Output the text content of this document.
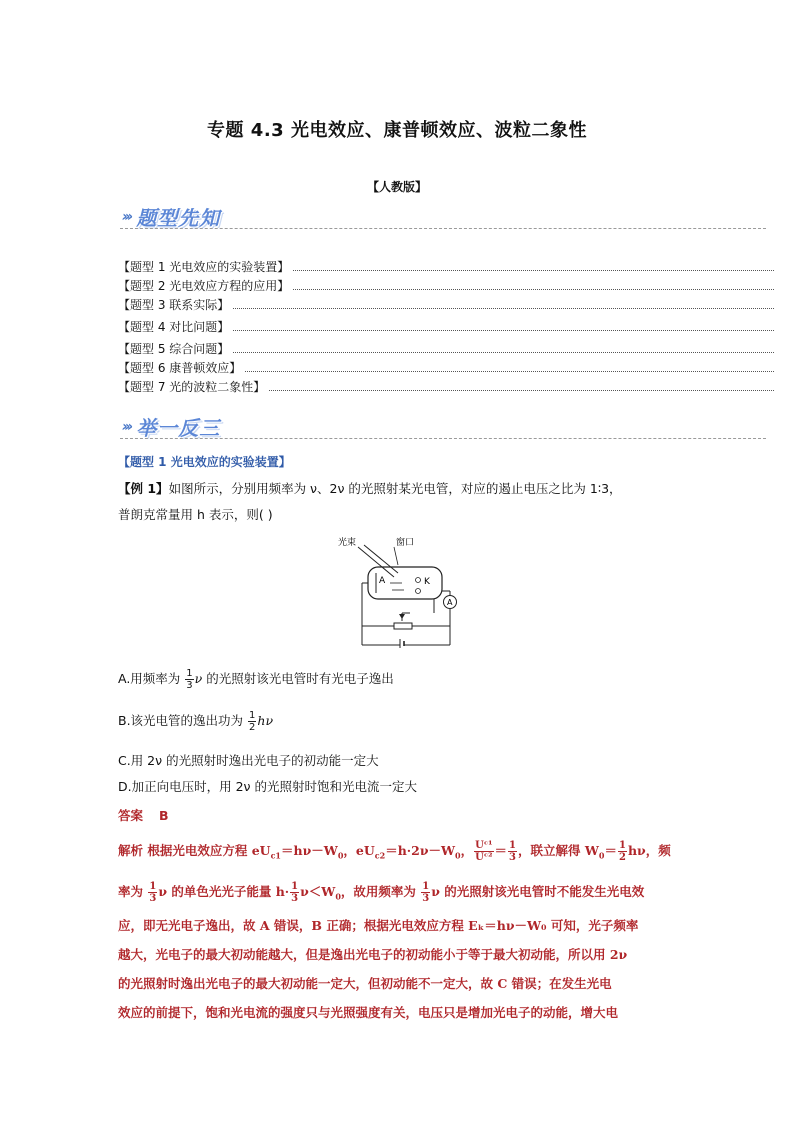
专题 4.3 光电效应、康普顿效应、波粒二象性
【人教版】
››› 题型先知
【题型 1 光电效应的实验装置】
【题型 2 光电效应方程的应用】
【题型 3 联系实际】
【题型 4 对比问题】
【题型 5 综合问题】
【题型 6 康普顿效应】
【题型 7 光的波粒二象性】
››› 举一反三
【题型 1 光电效应的实验装置】
【例 1】如图所示，分别用频率为 ν、2ν 的光照射某光电管，对应的遏止电压之比为 1∶3，
普朗克常量用 h 表示，则( )
光束	窗口
A	K
A
A.用频率为 $\frac{1}{3}$ ν 的光照射该光电管时有光电子逸出
B.该光电管的逸出功为 $\frac{1}{2}$ hν
C.用 2ν 的光照射时逸出光电子的初动能一定大
D.加正向电压时，用 2ν 的光照射时饱和光电流一定大
答案 B
解析 根据光电效应方程 $eU_{c1}=h\nu-W_0$，$eU_{c2}=h\cdot 2\nu-W_0$， $\frac{\text{Uᶜ¹}}{\text{Uᶜ²}} = \frac{1}{3}$ ，联立解得 $W_0= \frac{1}{2}$ hν，频
率为 $\frac{1}{3}$ ν 的单色光光子能量 $h\cdot \frac{1}{3} \nu<W_0$，故用频率为 $\frac{1}{3}$ ν 的光照射该光电管时不能发生光电效
应，即无光电子逸出，故 A 错误，B 正确；根据光电效应方程 Eₖ＝hν－W₀ 可知，光子频率
越大，光电子的最大初动能越大，但是逸出光电子的初动能小于等于最大初动能，所以用 2ν
的光照射时逸出光电子的最大初动能一定大，但初动能不一定大，故 C 错误；在发生光电
效应的前提下，饱和光电流的强度只与光照强度有关，电压只是增加光电子的动能，增大电
